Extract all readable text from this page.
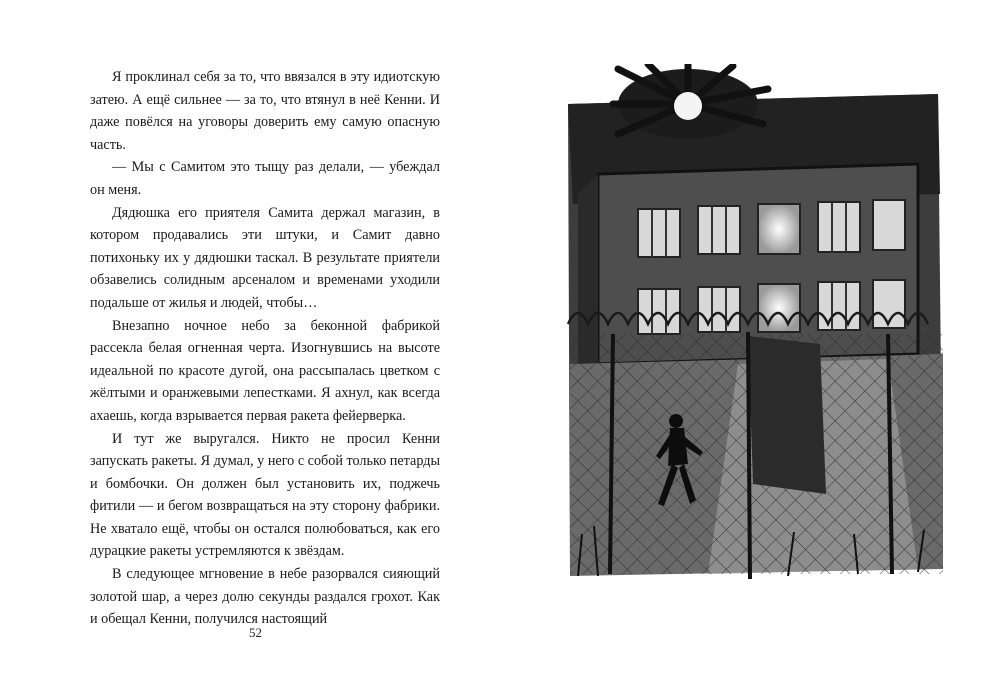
Я проклинал себя за то, что ввязался в эту идиотскую затею. А ещё сильнее — за то, что втянул в неё Кенни. И даже повёлся на уговоры доверить ему самую опасную часть.

— Мы с Самитом это тыщу раз делали, — убеждал он меня.

Дядюшка его приятеля Самита держал магазин, в котором продавались эти штуки, и Самит давно потихоньку их у дядюшки таскал. В результате приятели обзавелись солидным арсеналом и временами уходили подальше от жилья и людей, чтобы…

Внезапно ночное небо за беконной фабрикой рассекла белая огненная черта. Изогнувшись на высоте идеальной по красоте дугой, она рассыпалась цветком с жёлтыми и оранжевыми лепестками. Я ахнул, как всегда ахаешь, когда взрывается первая ракета фейерверка.

И тут же выругался. Никто не просил Кенни запускать ракеты. Я думал, у него с собой только петарды и бомбочки. Он должен был установить их, поджечь фитили — и бегом возвращаться на эту сторону фабрики. Не хватало ещё, чтобы он остался полюбоваться, как его дурацкие ракеты устремляются к звёздам.

В следующее мгновение в небе разорвался сияющий золотой шар, а через долю секунды раздался грохот. Как и обещал Кенни, получился настоящий

52
